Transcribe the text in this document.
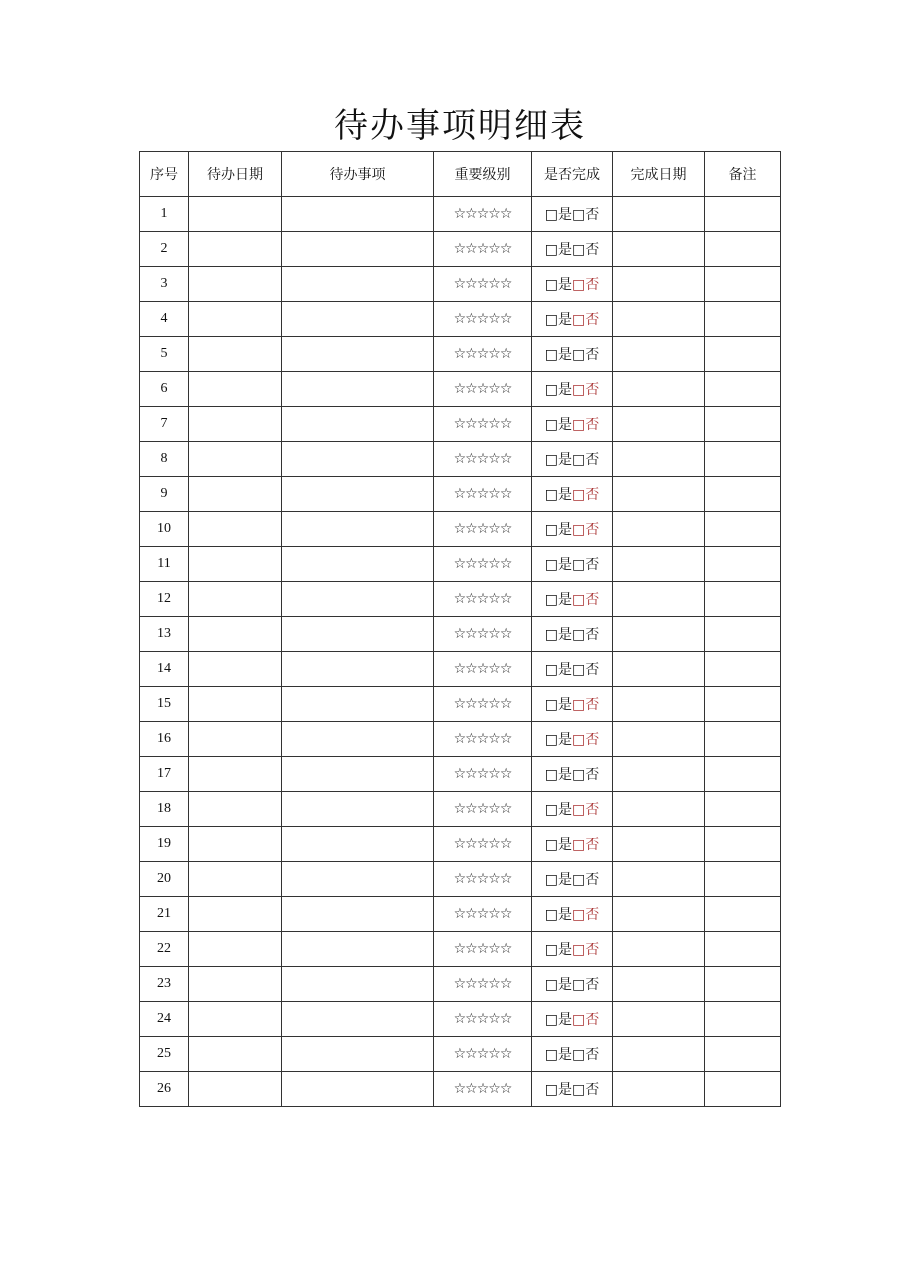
待办事项明细表
序号	待办日期	待办事项	重要级别	是否完成	完成日期	备注
1			☆☆☆☆☆	□是□否		
2			☆☆☆☆☆	□是□否		
3			☆☆☆☆☆	□是□否		
4			☆☆☆☆☆	□是□否		
5			☆☆☆☆☆	□是□否		
6			☆☆☆☆☆	□是□否		
7			☆☆☆☆☆	□是□否		
8			☆☆☆☆☆	□是□否		
9			☆☆☆☆☆	□是□否		
10			☆☆☆☆☆	□是□否		
11			☆☆☆☆☆	□是□否		
12			☆☆☆☆☆	□是□否		
13			☆☆☆☆☆	□是□否		
14			☆☆☆☆☆	□是□否		
15			☆☆☆☆☆	□是□否		
16			☆☆☆☆☆	□是□否		
17			☆☆☆☆☆	□是□否		
18			☆☆☆☆☆	□是□否		
19			☆☆☆☆☆	□是□否		
20			☆☆☆☆☆	□是□否		
21			☆☆☆☆☆	□是□否		
22			☆☆☆☆☆	□是□否		
23			☆☆☆☆☆	□是□否		
24			☆☆☆☆☆	□是□否		
25			☆☆☆☆☆	□是□否		
26			☆☆☆☆☆	□是□否		
